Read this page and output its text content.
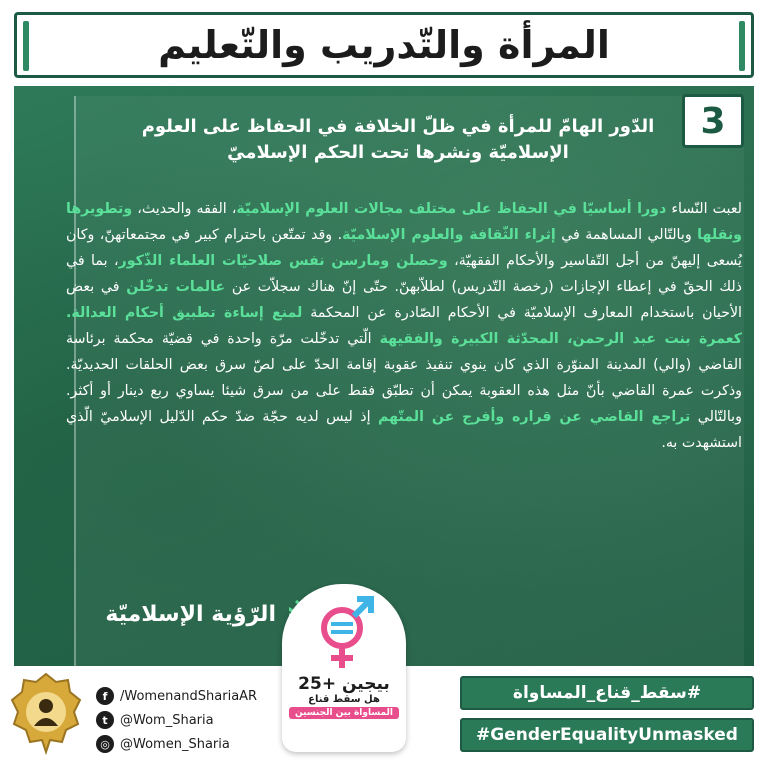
المرأة والتّدريب والتّعليم
3
الدّور الهامّ للمرأة في ظلّ الخلافة في الحفاظ على العلوم الإسلاميّة ونشرها تحت الحكم الإسلاميّ
لعبت النّساء دورا أساسيّا في الحفاظ على مختلف مجالات العلوم الإسلاميّة، الفقه والحديث، وتطويرها ونقلها وبالتّالي المساهمة في إثراء الثّقافة والعلوم الإسلاميّة. وقد تمتّعن باحترام كبير في مجتمعاتهنّ، وكان يُسعى إليهنّ من أجل التّفاسير والأحكام الفقهيّة، وحصلن ومارسن نفس صلاحيّات العلماء الذّكور، بما في ذلك الحقّ في إعطاء الإجازات (رخصة التّدريس) لطلاّبهنّ. حتّى إنّ هناك سجلاّت عن عالمات تدخّلن في بعض الأحيان باستخدام المعارف الإسلاميّة في الأحكام الصّادرة عن المحكمة لمنع إساءة تطبيق أحكام العدالة. كعمرة بنت عبد الرحمن، المحدّثة الكبيرة والفقيهة الّتي تدخّلت مرّة واحدة في قضيّة محكمة برئاسة القاضي (والي) المدينة المنوّرة الذي كان ينوي تنفيذ عقوبة إقامة الحدّ على لصّ سرق بعض الحلقات الحديديّة. وذكرت عمرة القاضي بأنّ مثل هذه العقوبة يمكن أن تطبّق فقط على من سرق شيئا يساوي ربع دينار أو أكثر. وبالتّالي تراجع القاضي عن قراره وأفرج عن المتّهم إذ ليس لديه حجّة ضدّ حكم الدّليل الإسلاميّ الّذي استشهدت به.
الرّؤية الإسلاميّة
بيجين +25
هل سقط قناع
المساواة بين الجنسين
f /WomenandShariaAR
t @Wom_Sharia
◎ @Women_Sharia
#سقط_قناع_المساواة
#GenderEqualityUnmasked
